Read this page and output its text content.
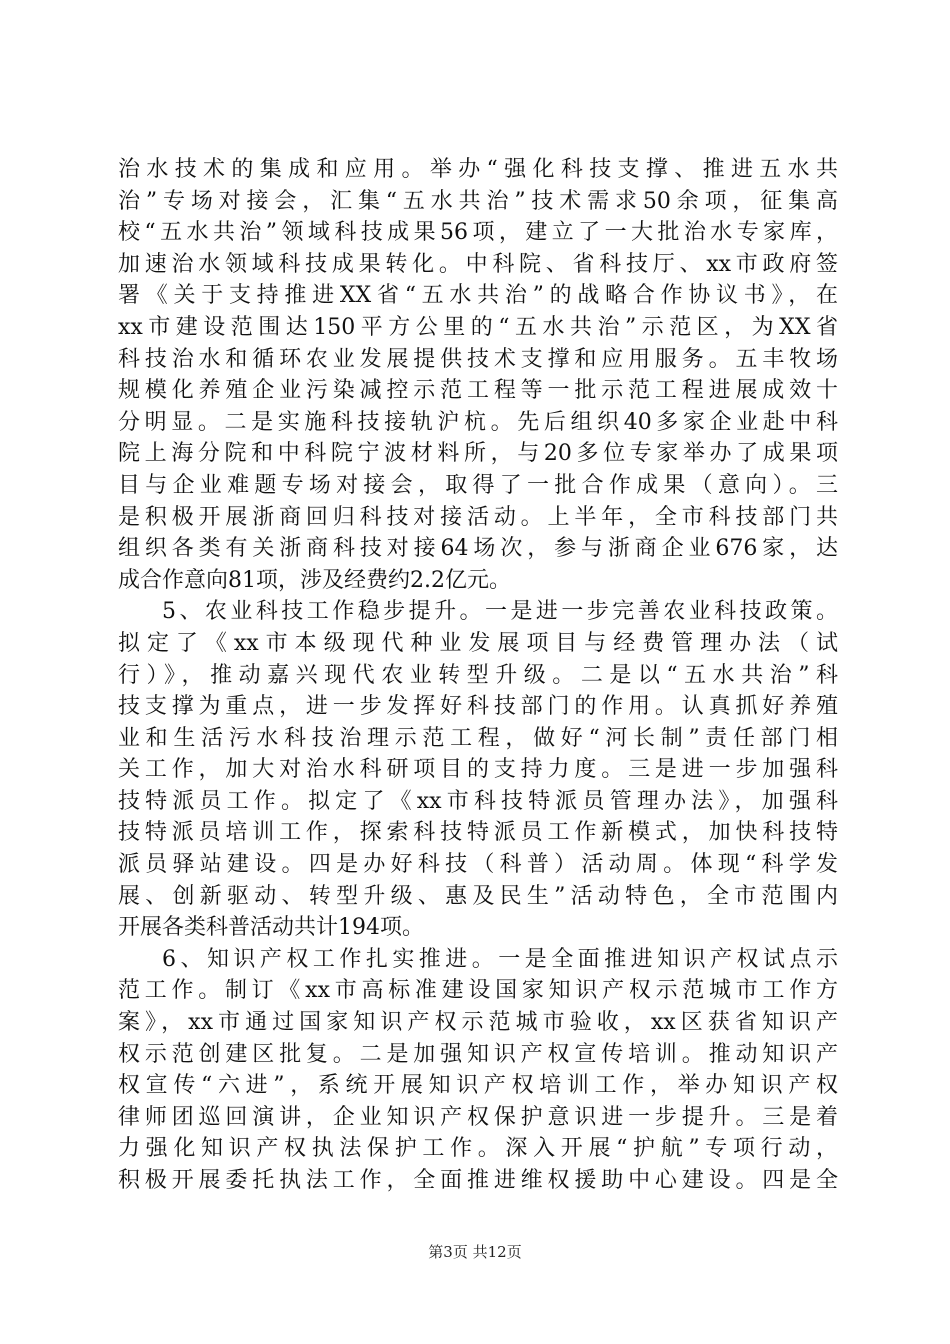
治水技术的集成和应用。举办“强化科技支撑、推进五水共
治”专场对接会，汇集“五水共治”技术需求50余项，征集高
校“五水共治”领域科技成果56项，建立了一大批治水专家库，
加速治水领域科技成果转化。中科院、省科技厅、xx市政府签
署《关于支持推进XX省“五水共治”的战略合作协议书》，在
xx市建设范围达150平方公里的“五水共治”示范区，为XX省
科技治水和循环农业发展提供技术支撑和应用服务。五丰牧场
规模化养殖企业污染减控示范工程等一批示范工程进展成效十
分明显。二是实施科技接轨沪杭。先后组织40多家企业赴中科
院上海分院和中科院宁波材料所，与20多位专家举办了成果项
目与企业难题专场对接会，取得了一批合作成果（意向）。三
是积极开展浙商回归科技对接活动。上半年，全市科技部门共
组织各类有关浙商科技对接64场次，参与浙商企业676家，达
成合作意向81项，涉及经费约2.2亿元。
5、农业科技工作稳步提升。一是进一步完善农业科技政策。
拟定了《xx市本级现代种业发展项目与经费管理办法（试
行）》，推动嘉兴现代农业转型升级。二是以“五水共治”科
技支撑为重点，进一步发挥好科技部门的作用。认真抓好养殖
业和生活污水科技治理示范工程，做好“河长制”责任部门相
关工作，加大对治水科研项目的支持力度。三是进一步加强科
技特派员工作。拟定了《xx市科技特派员管理办法》，加强科
技特派员培训工作，探索科技特派员工作新模式，加快科技特
派员驿站建设。四是办好科技（科普）活动周。体现“科学发
展、创新驱动、转型升级、惠及民生”活动特色，全市范围内
开展各类科普活动共计194项。
6、知识产权工作扎实推进。一是全面推进知识产权试点示
范工作。制订《xx市高标准建设国家知识产权示范城市工作方
案》，xx市通过国家知识产权示范城市验收，xx区获省知识产
权示范创建区批复。二是加强知识产权宣传培训。推动知识产
权宣传“六进”，系统开展知识产权培训工作，举办知识产权
律师团巡回演讲，企业知识产权保护意识进一步提升。三是着
力强化知识产权执法保护工作。深入开展“护航”专项行动，
积极开展委托执法工作，全面推进维权援助中心建设。四是全
第3页 共12页
